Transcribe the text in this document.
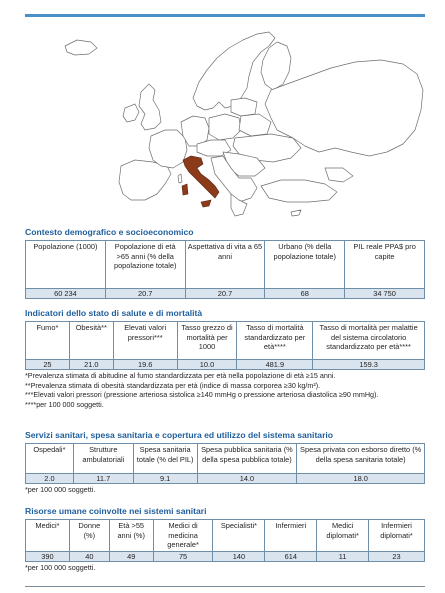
Contesto demografico e socioeconomico
Popolazione (1000)	Popolazione di età >65 anni (% della popolazione totale)	Aspettativa di vita a 65 anni	Urbano (% della popolazione totale)	PIL reale PPA$ pro capite
60 234	20.7	20.7	68	34 750
Indicatori dello stato di salute e di mortalità
Fumo*	Obesità**	Elevati valori pressori***	Tasso grezzo di mortalità per 1000	Tasso di mortalità standardizzato per età****	Tasso di mortalità per malattie del sistema circolatorio standardizzato per età****
25	21.0	19.6	10.0	481.9	159.3

*Prevalenza stimata di abitudine al fumo standardizzata per età nella popolazione di età ≥15 anni.

**Prevalenza stimata di obesità standardizzata per età (indice di massa corporea ≥30 kg/m²).

***Elevati valori pressori (pressione arteriosa sistolica ≥140 mmHg o pressione arteriosa diastolica ≥90 mmHg).

****per 100 000 soggetti.

Servizi sanitari, spesa sanitaria e copertura ed utilizzo del sistema sanitario
Ospedali*	Strutture ambulatoriali	Spesa sanitaria totale (% del PIL)	Spesa pubblica sanitaria (% della spesa pubblica totale)	Spesa privata con esborso diretto (% della spesa sanitaria totale)
2.0	11.7	9.1	14.0	18.0

*per 100 000 soggetti.

Risorse umane coinvolte nei sistemi sanitari
Medici*	Donne (%)	Età >55 anni (%)	Medici di medicina generale*	Specialisti*	Infermieri	Medici diplomati*	Infermieri diplomati*
390	40	49	75	140	614	11	23

*per 100 000 soggetti.
